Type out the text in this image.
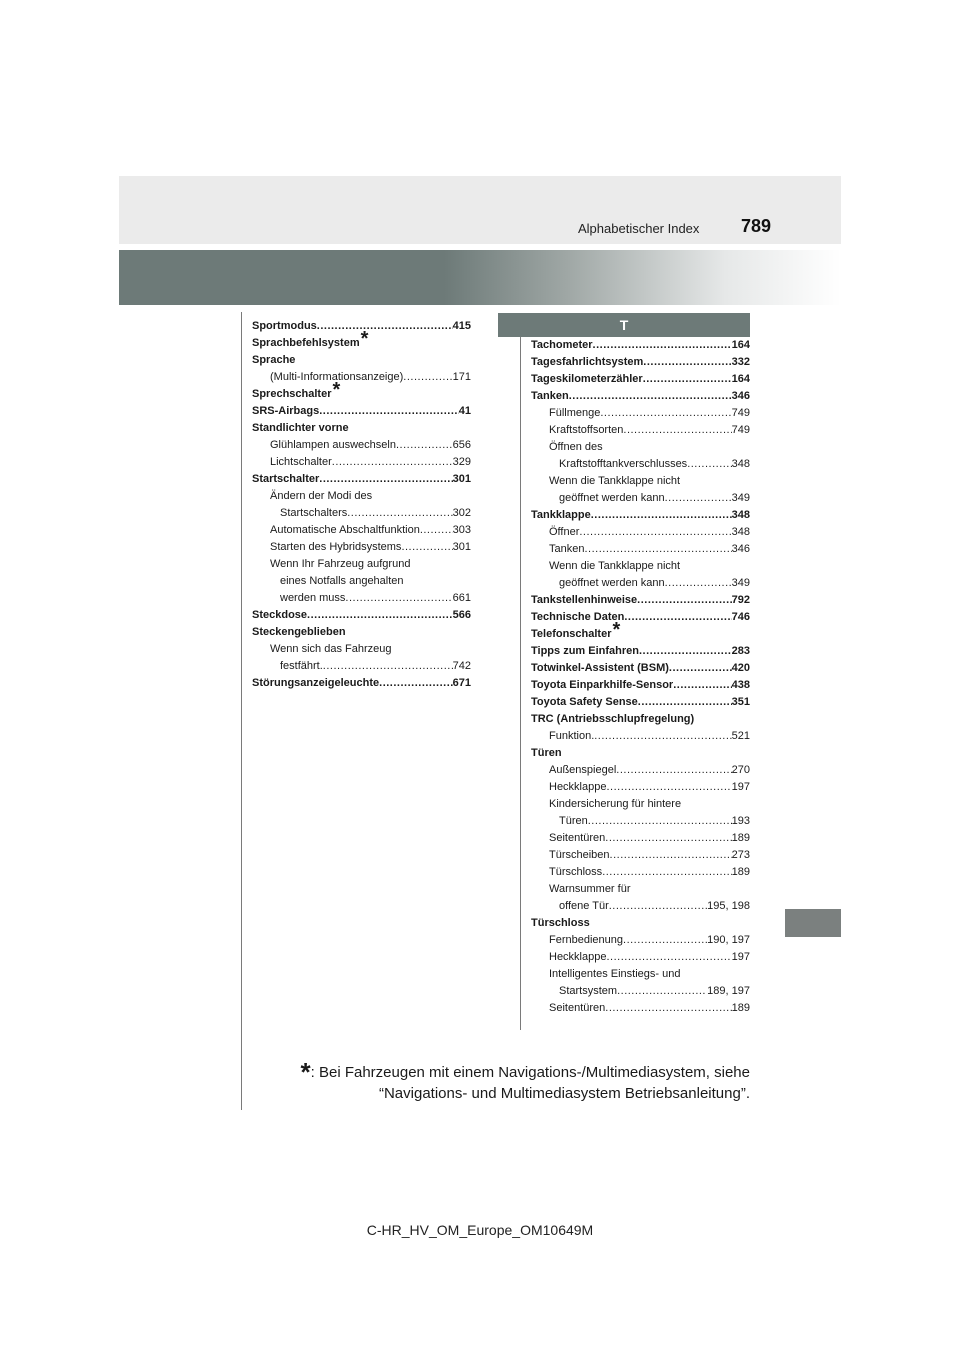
Alphabetischer Index 789
T
Sportmodus .....	415
Sprachbefehlsystem*
Sprache
(Multi-Informationsanzeige) .....	171
Sprechschalter*
SRS-Airbags .....	41
Standlichter vorne
Glühlampen auswechseln .....	656
Lichtschalter .....	329
Startschalter .....	301
Ändern der Modi des
Startschalters .....	302
Automatische Abschaltfunktion .....	303
Starten des Hybridsystems .....	301
Wenn Ihr Fahrzeug aufgrund
eines Notfalls angehalten
werden muss .....	661
Steckdose .....	566
Steckengeblieben
Wenn sich das Fahrzeug
festfährt. .....	742
Störungsanzeigeleuchte .....	671
Tachometer .....	164
Tagesfahrlichtsystem .....	332
Tageskilometerzähler .....	164
Tanken .....	346
Füllmenge .....	749
Kraftstoffsorten .....	749
Öffnen des
Kraftstofftankverschlusses .....	348
Wenn die Tankklappe nicht
geöffnet werden kann .....	349
Tankklappe .....	348
Öffner .....	348
Tanken .....	346
Wenn die Tankklappe nicht
geöffnet werden kann .....	349
Tankstellenhinweise .....	792
Technische Daten .....	746
Telefonschalter*
Tipps zum Einfahren .....	283
Totwinkel-Assistent (BSM) .....	420
Toyota Einparkhilfe-Sensor .....	438
Toyota Safety Sense .....	351
TRC (Antriebsschlupfregelung)
Funktion. .....	521
Türen
Außenspiegel .....	270
Heckklappe .....	197
Kindersicherung für hintere
Türen .....	193
Seitentüren .....	189
Türscheiben .....	273
Türschloss .....	189
Warnsummer für
offene Tür .....	195, 198
Türschloss
Fernbedienung .....	190, 197
Heckklappe .....	197
Intelligentes Einstiegs- und
Startsystem .....	189, 197
Seitentüren .....	189
*: Bei Fahrzeugen mit einem Navigations-/Multimediasystem, siehe
“Navigations- und Multimediasystem Betriebsanleitung”.
C-HR_HV_OM_Europe_OM10649M
